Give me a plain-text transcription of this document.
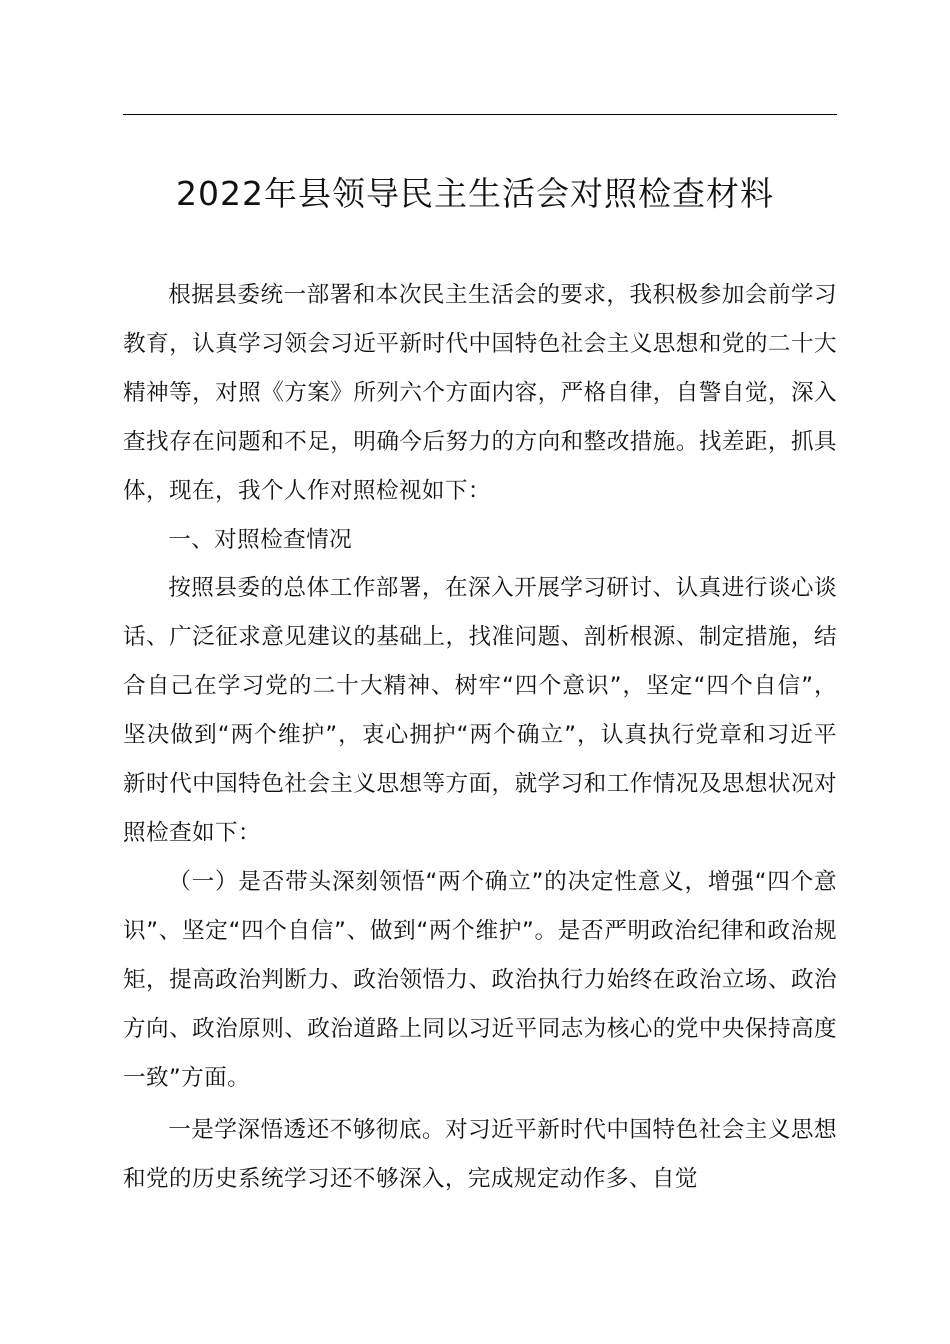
2022年县领导民主生活会对照检查材料

根据县委统一部署和本次民主生活会的要求，我积极参加会前学习教育，认真学习领会习近平新时代中国特色社会主义思想和党的二十大精神等，对照《方案》所列六个方面内容，严格自律，自警自觉，深入查找存在问题和不足，明确今后努力的方向和整改措施。找差距，抓具体，现在，我个人作对照检视如下：

一、对照检查情况

按照县委的总体工作部署，在深入开展学习研讨、认真进行谈心谈话、广泛征求意见建议的基础上，找准问题、剖析根源、制定措施，结合自己在学习党的二十大精神、树牢“四个意识”，坚定“四个自信”，坚决做到“两个维护”，衷心拥护“两个确立”，认真执行党章和习近平新时代中国特色社会主义思想等方面，就学习和工作情况及思想状况对照检查如下：

（一）是否带头深刻领悟“两个确立”的决定性意义，增强“四个意识”、坚定“四个自信”、做到“两个维护”。是否严明政治纪律和政治规矩，提高政治判断力、政治领悟力、政治执行力始终在政治立场、政治方向、政治原则、政治道路上同以习近平同志为核心的党中央保持高度一致”方面。

一是学深悟透还不够彻底。对习近平新时代中国特色社会主义思想和党的历史系统学习还不够深入，完成规定动作多、自觉
